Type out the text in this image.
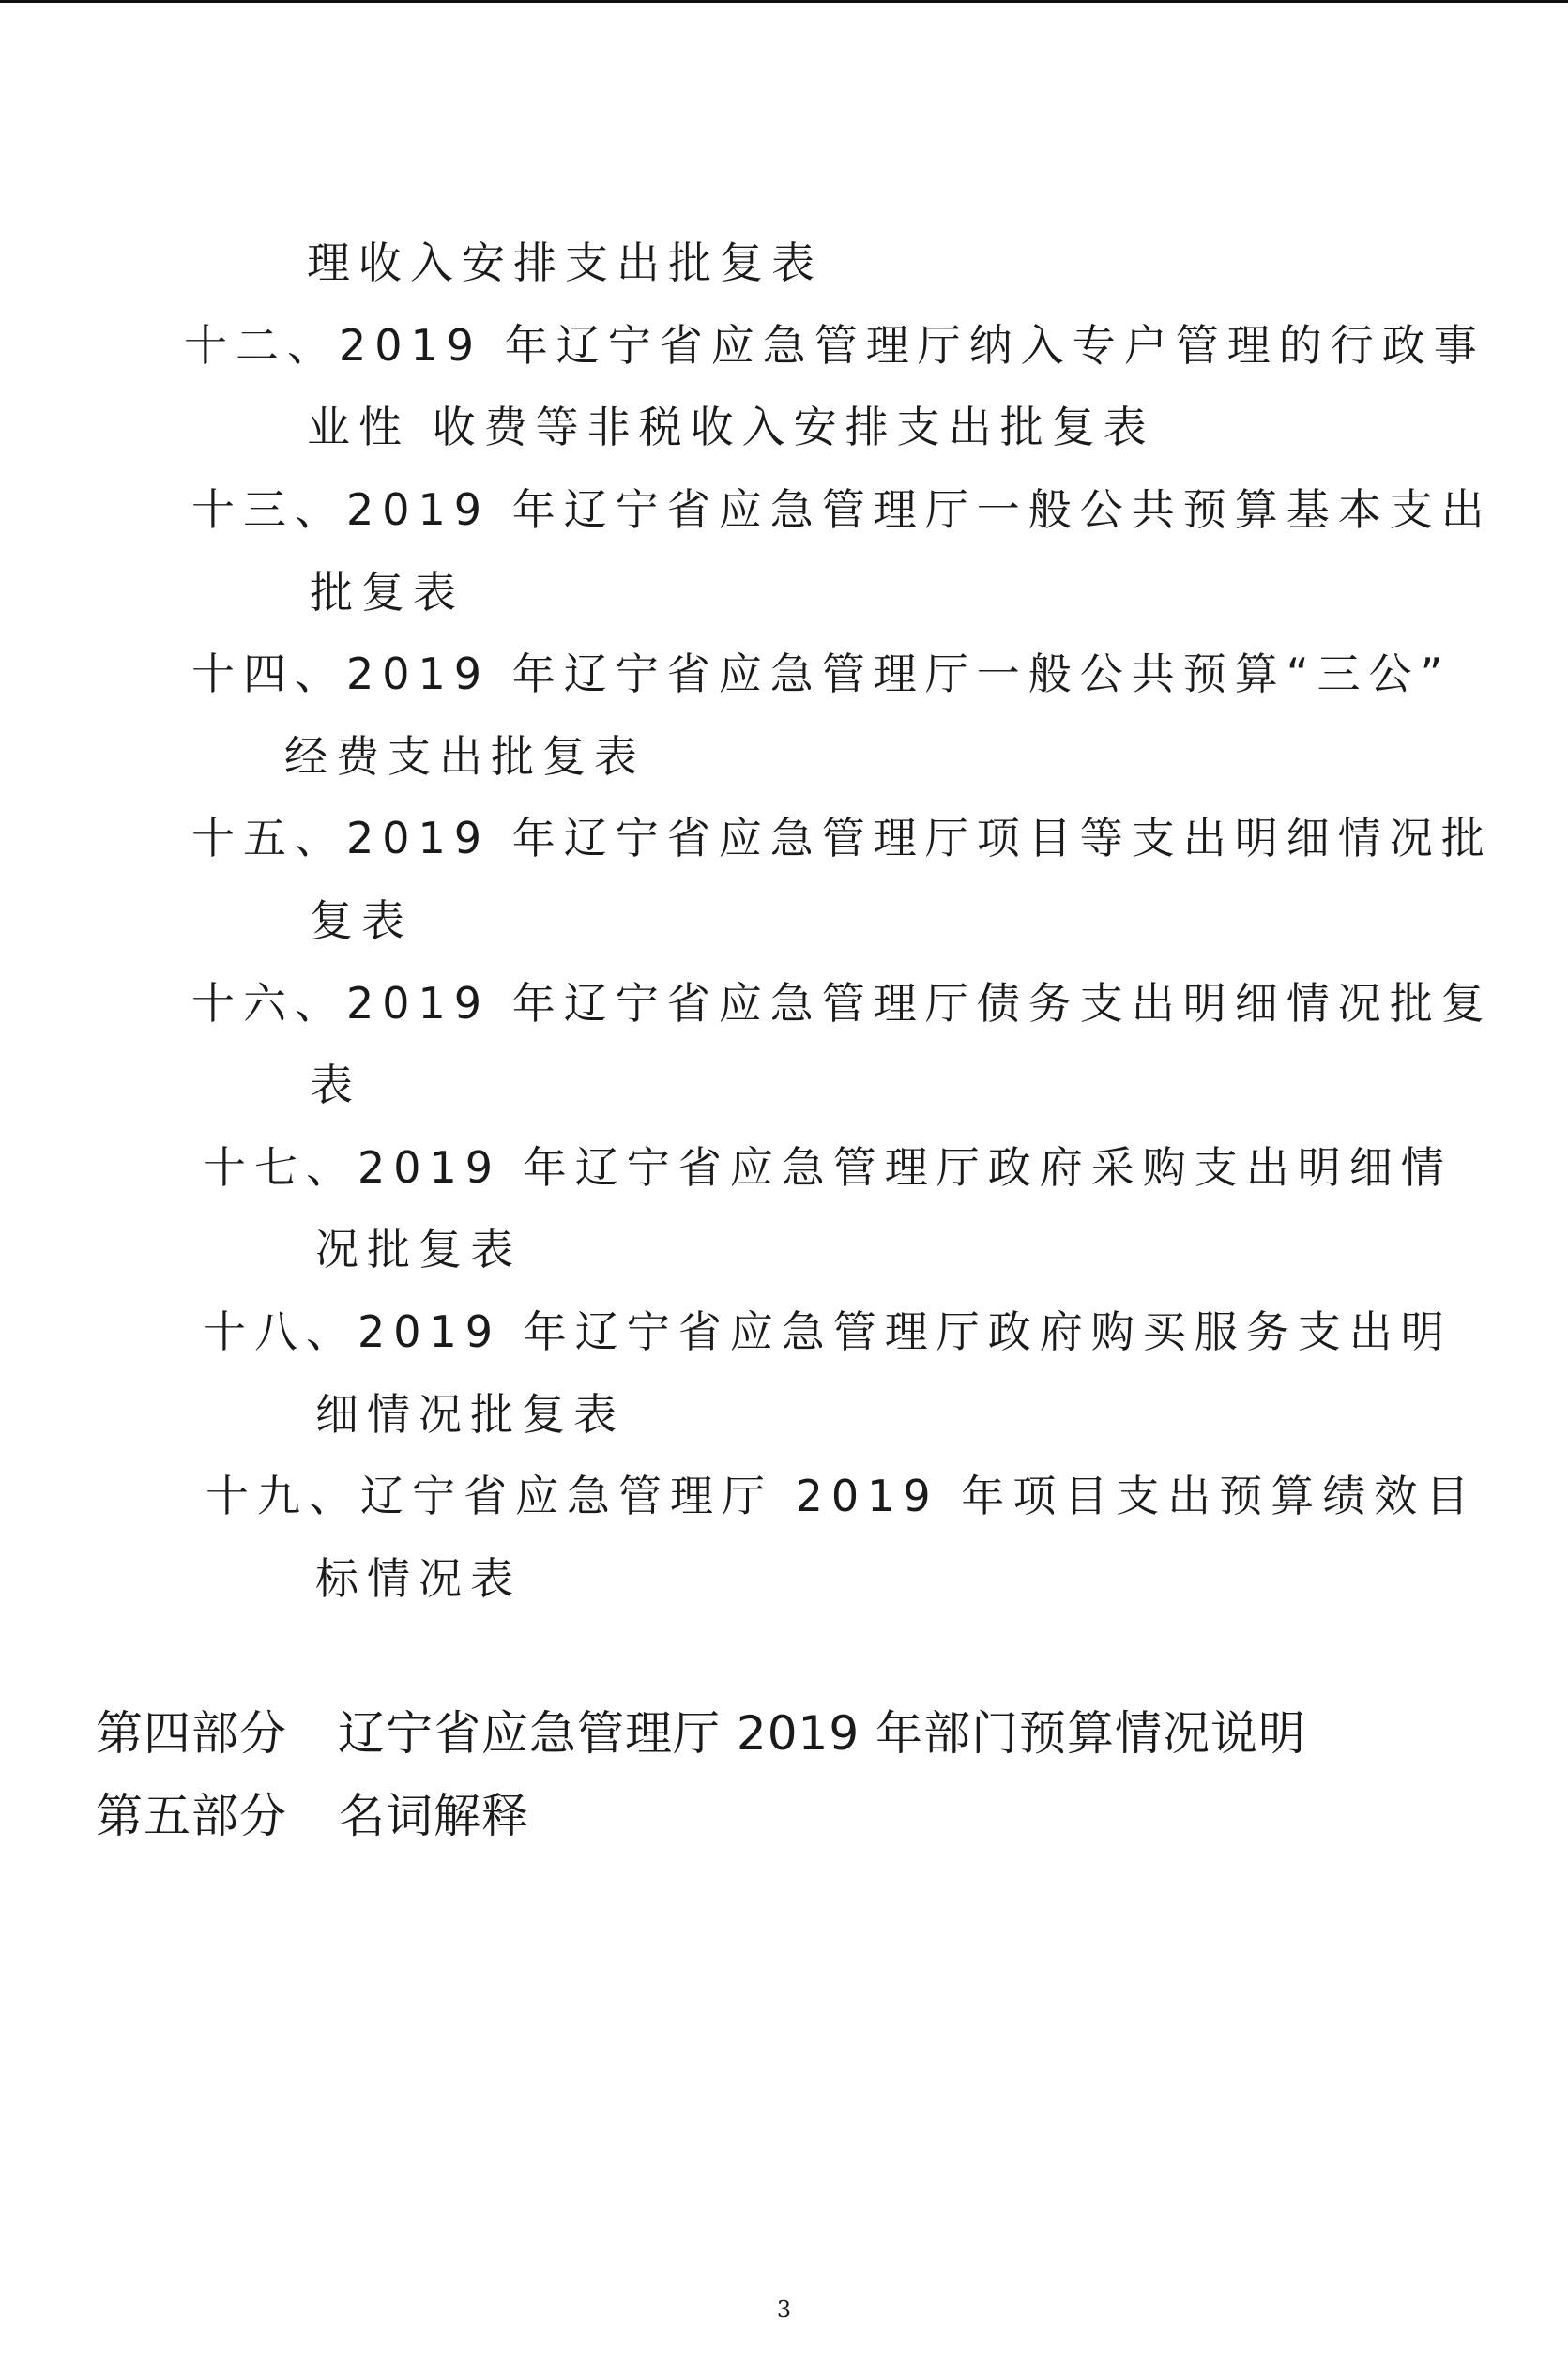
理收入安排支出批复表
十二、2019 年辽宁省应急管理厅纳入专户管理的行政事
业性 收费等非税收入安排支出批复表
十三、2019 年辽宁省应急管理厅一般公共预算基本支出
批复表
十四、2019 年辽宁省应急管理厅一般公共预算“三公”
经费支出批复表
十五、2019 年辽宁省应急管理厅项目等支出明细情况批
复表
十六、2019 年辽宁省应急管理厅债务支出明细情况批复
表
十七、2019 年辽宁省应急管理厅政府采购支出明细情
况批复表
十八、2019 年辽宁省应急管理厅政府购买服务支出明
细情况批复表
十九、辽宁省应急管理厅 2019 年项目支出预算绩效目
标情况表
第四部分 辽宁省应急管理厅 2019 年部门预算情况说明
第五部分 名词解释
3
